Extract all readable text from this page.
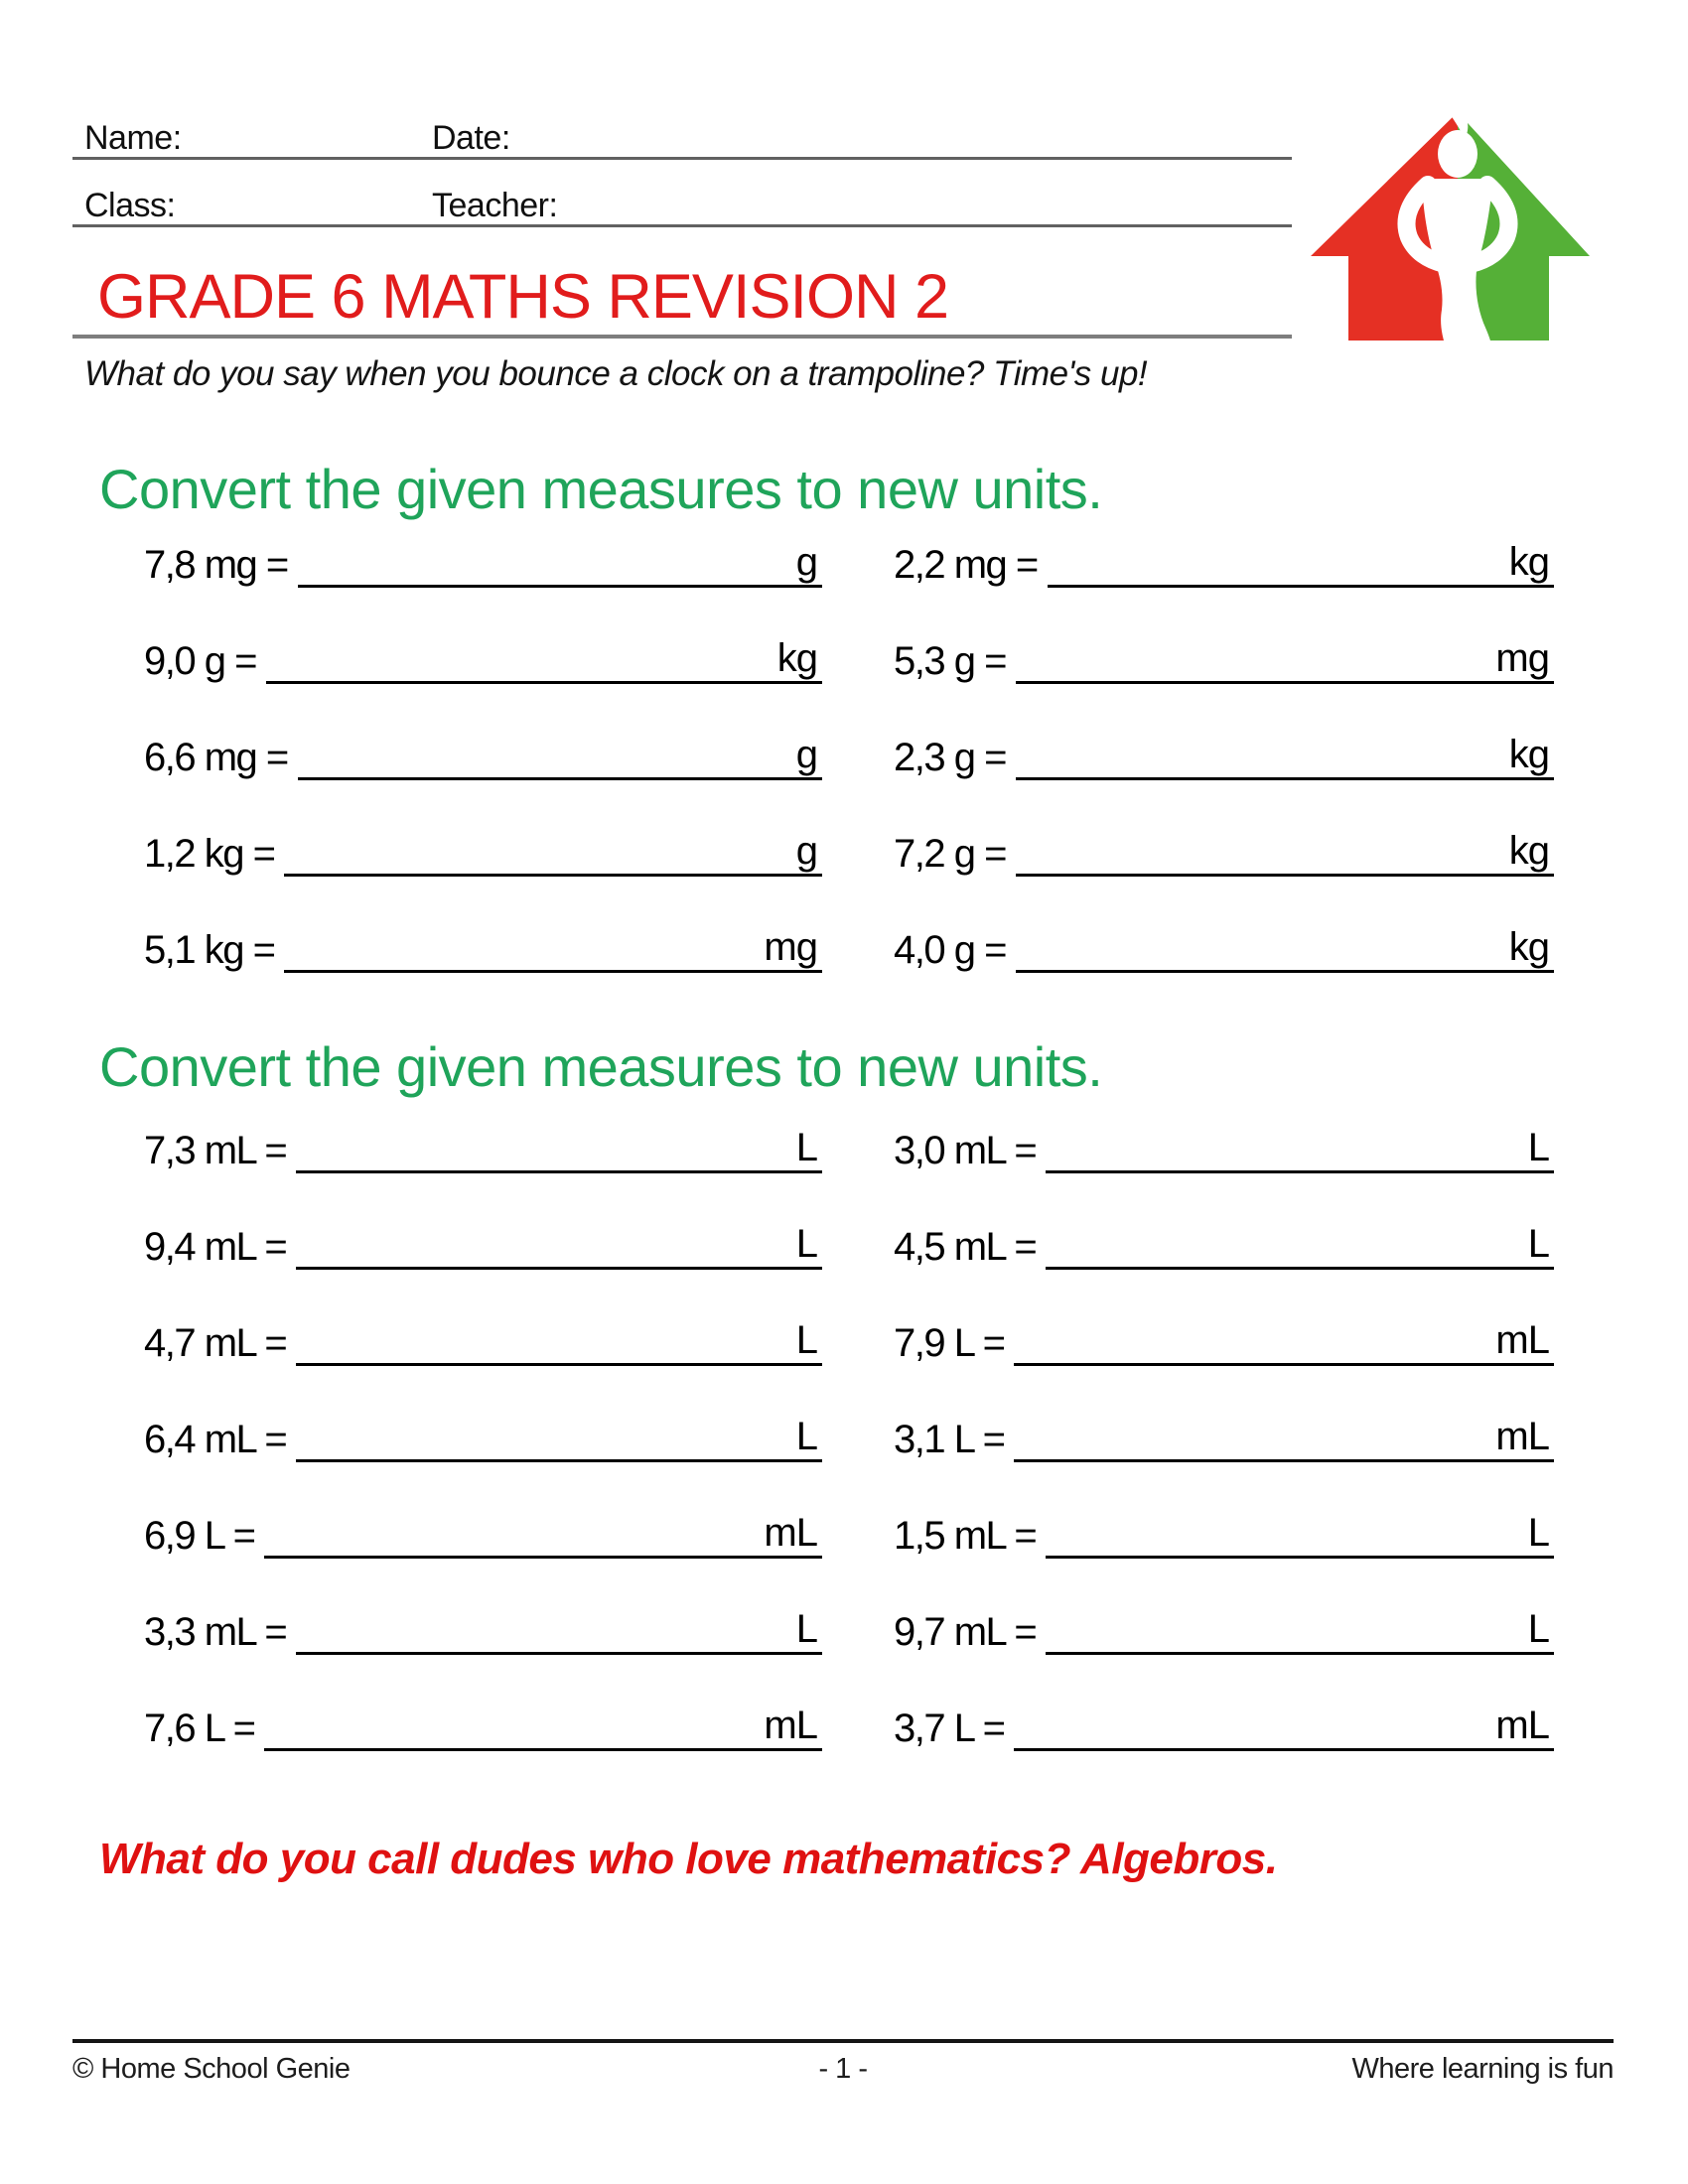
Name:	Date:
Class:	Teacher:
GRADE 6 MATHS REVISION 2
What do you say when you bounce a clock on a trampoline? Time's up!
Convert the given measures to new units.
7,8 mg =	g 2,2 mg =	kg
9,0 g =	kg 5,3 g =	mg
6,6 mg =	g 2,3 g =	kg
1,2 kg =	g 7,2 g =	kg
5,1 kg =	mg 4,0 g =	kg
Convert the given measures to new units.
7,3 mL =	L 3,0 mL =	L
9,4 mL =	L 4,5 mL =	L
4,7 mL =	L 7,9 L =	mL
6,4 mL =	L 3,1 L =	mL
6,9 L =	mL 1,5 mL =	L
3,3 mL =	L 9,7 mL =	L
7,6 L =	mL 3,7 L =	mL
What do you call dudes who love mathematics? Algebros.
© Home School Genie	- 1 -	Where learning is fun
